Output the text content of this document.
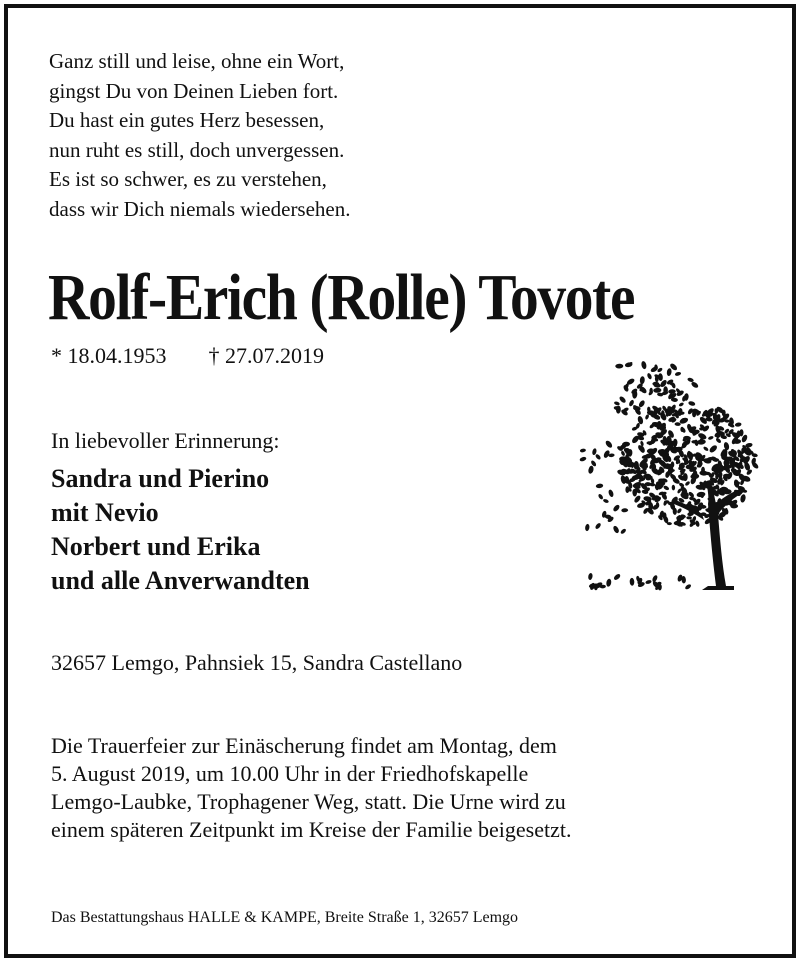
Ganz still und leise, ohne ein Wort,
gingst Du von Deinen Lieben fort.
Du hast ein gutes Herz besessen,
nun ruht es still, doch unvergessen.
Es ist so schwer, es zu verstehen,
dass wir Dich niemals wiedersehen.
Rolf-Erich (Rolle) Tovote
* 18.04.1953 † 27.07.2019
In liebevoller Erinnerung:
Sandra und Pierino
mit Nevio
Norbert und Erika
und alle Anverwandten
32657 Lemgo, Pahnsiek 15, Sandra Castellano
Die Trauerfeier zur Einäscherung findet am Montag, dem
5. August 2019, um 10.00 Uhr in der Friedhofskapelle
Lemgo-Laubke, Trophagener Weg, statt. Die Urne wird zu
einem späteren Zeitpunkt im Kreise der Familie beigesetzt.
Das Bestattungshaus HALLE & KAMPE, Breite Straße 1, 32657 Lemgo
